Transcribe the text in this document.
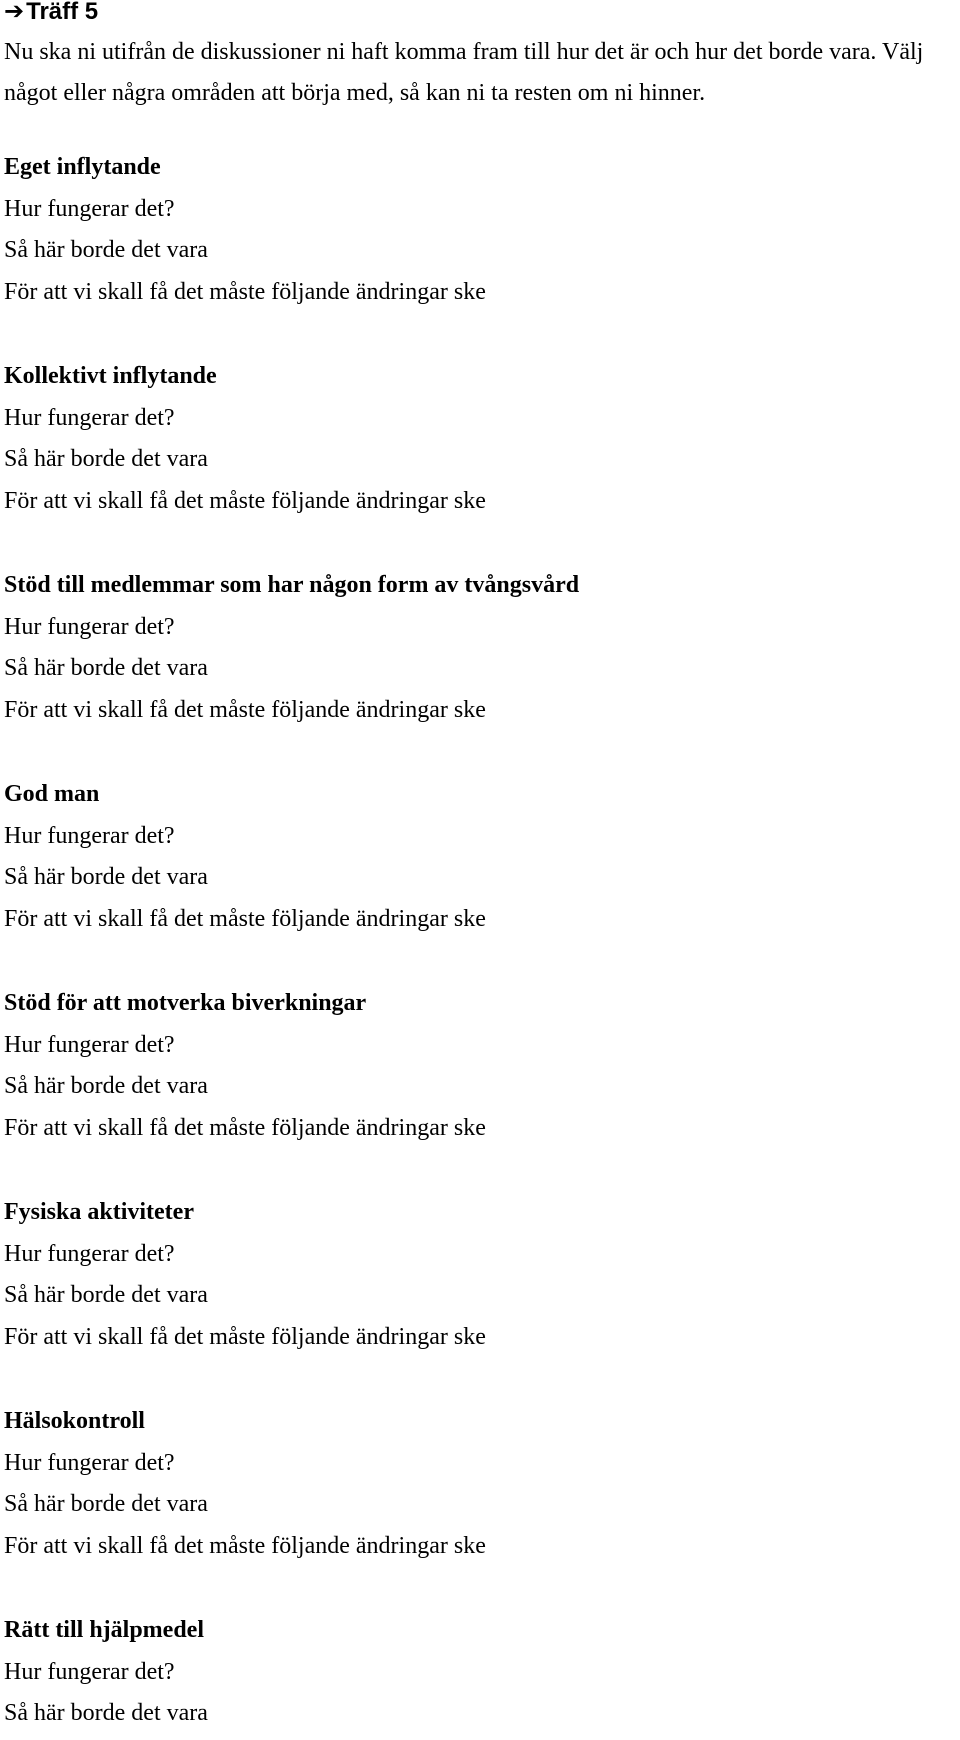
➔Träff 5

Nu ska ni utifrån de diskussioner ni haft komma fram till hur det är och hur det borde vara. Välj något eller några områden att börja med, så kan ni ta resten om ni hinner.

Eget inflytande

Hur fungerar det?

Så här borde det vara

För att vi skall få det måste följande ändringar ske

Kollektivt inflytande

Hur fungerar det?

Så här borde det vara

För att vi skall få det måste följande ändringar ske

Stöd till medlemmar som har någon form av tvångsvård

Hur fungerar det?

Så här borde det vara

För att vi skall få det måste följande ändringar ske

God man

Hur fungerar det?

Så här borde det vara

För att vi skall få det måste följande ändringar ske

Stöd för att motverka biverkningar

Hur fungerar det?

Så här borde det vara

För att vi skall få det måste följande ändringar ske

Fysiska aktiviteter

Hur fungerar det?

Så här borde det vara

För att vi skall få det måste följande ändringar ske

Hälsokontroll

Hur fungerar det?

Så här borde det vara

För att vi skall få det måste följande ändringar ske

Rätt till hjälpmedel

Hur fungerar det?

Så här borde det vara
